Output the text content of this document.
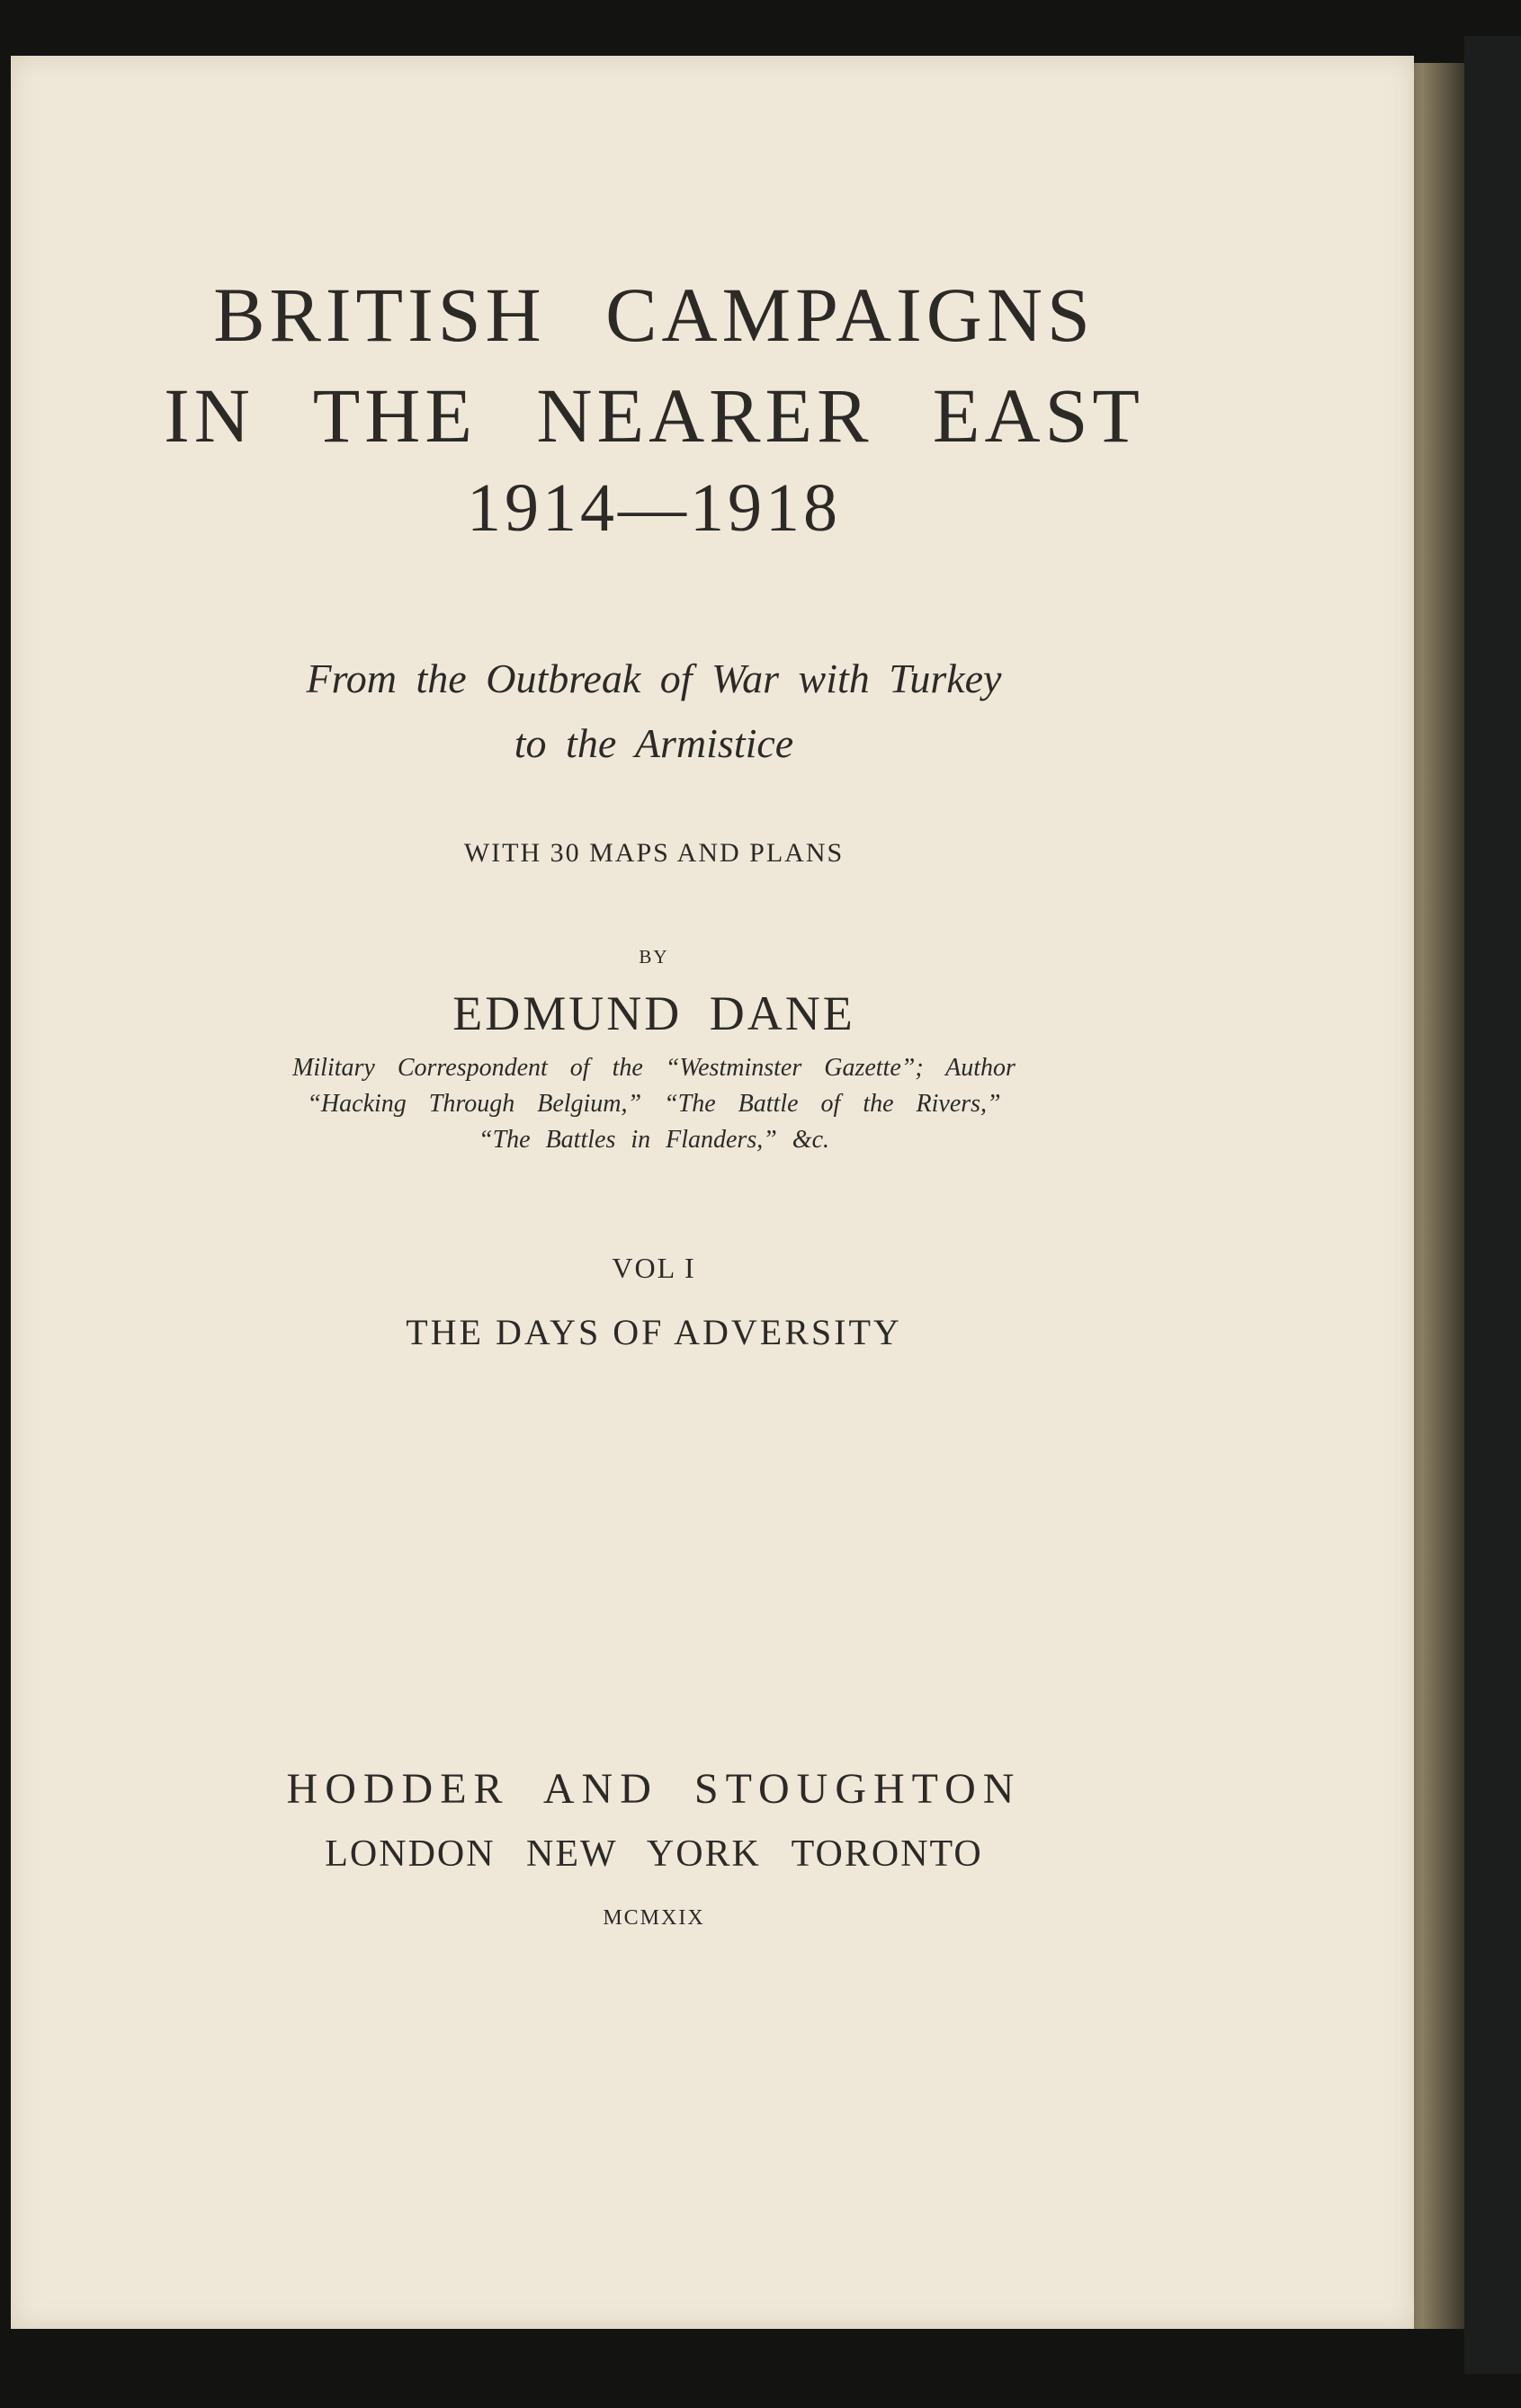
BRITISH CAMPAIGNS
IN THE NEARER EAST
1914—1918
From the Outbreak of War with Turkey
to the Armistice
WITH 30 MAPS AND PLANS
BY
EDMUND DANE
Military Correspondent of the “Westminster Gazette”; Author
“Hacking Through Belgium,” “The Battle of the Rivers,”
“The Battles in Flanders,” &c.
VOL I
THE DAYS OF ADVERSITY
HODDER AND STOUGHTON
LONDON NEW YORK TORONTO
MCMXIX
